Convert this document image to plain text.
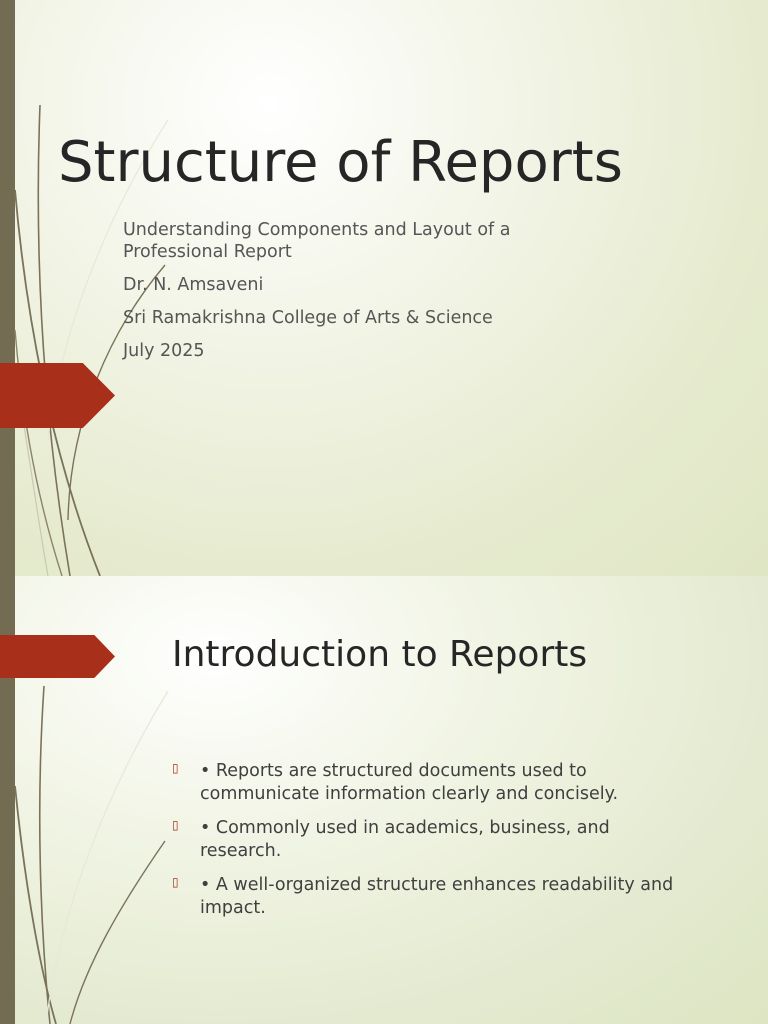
Structure of Reports

Understanding Components and Layout of a Professional Report

Dr. N. Amsaveni

Sri Ramakrishna College of Arts & Science

July 2025

Introduction to Reports
▯ • Reports are structured documents used to communicate information clearly and concisely.
▯ • Commonly used in academics, business, and research.
▯ • A well-organized structure enhances readability and impact.
